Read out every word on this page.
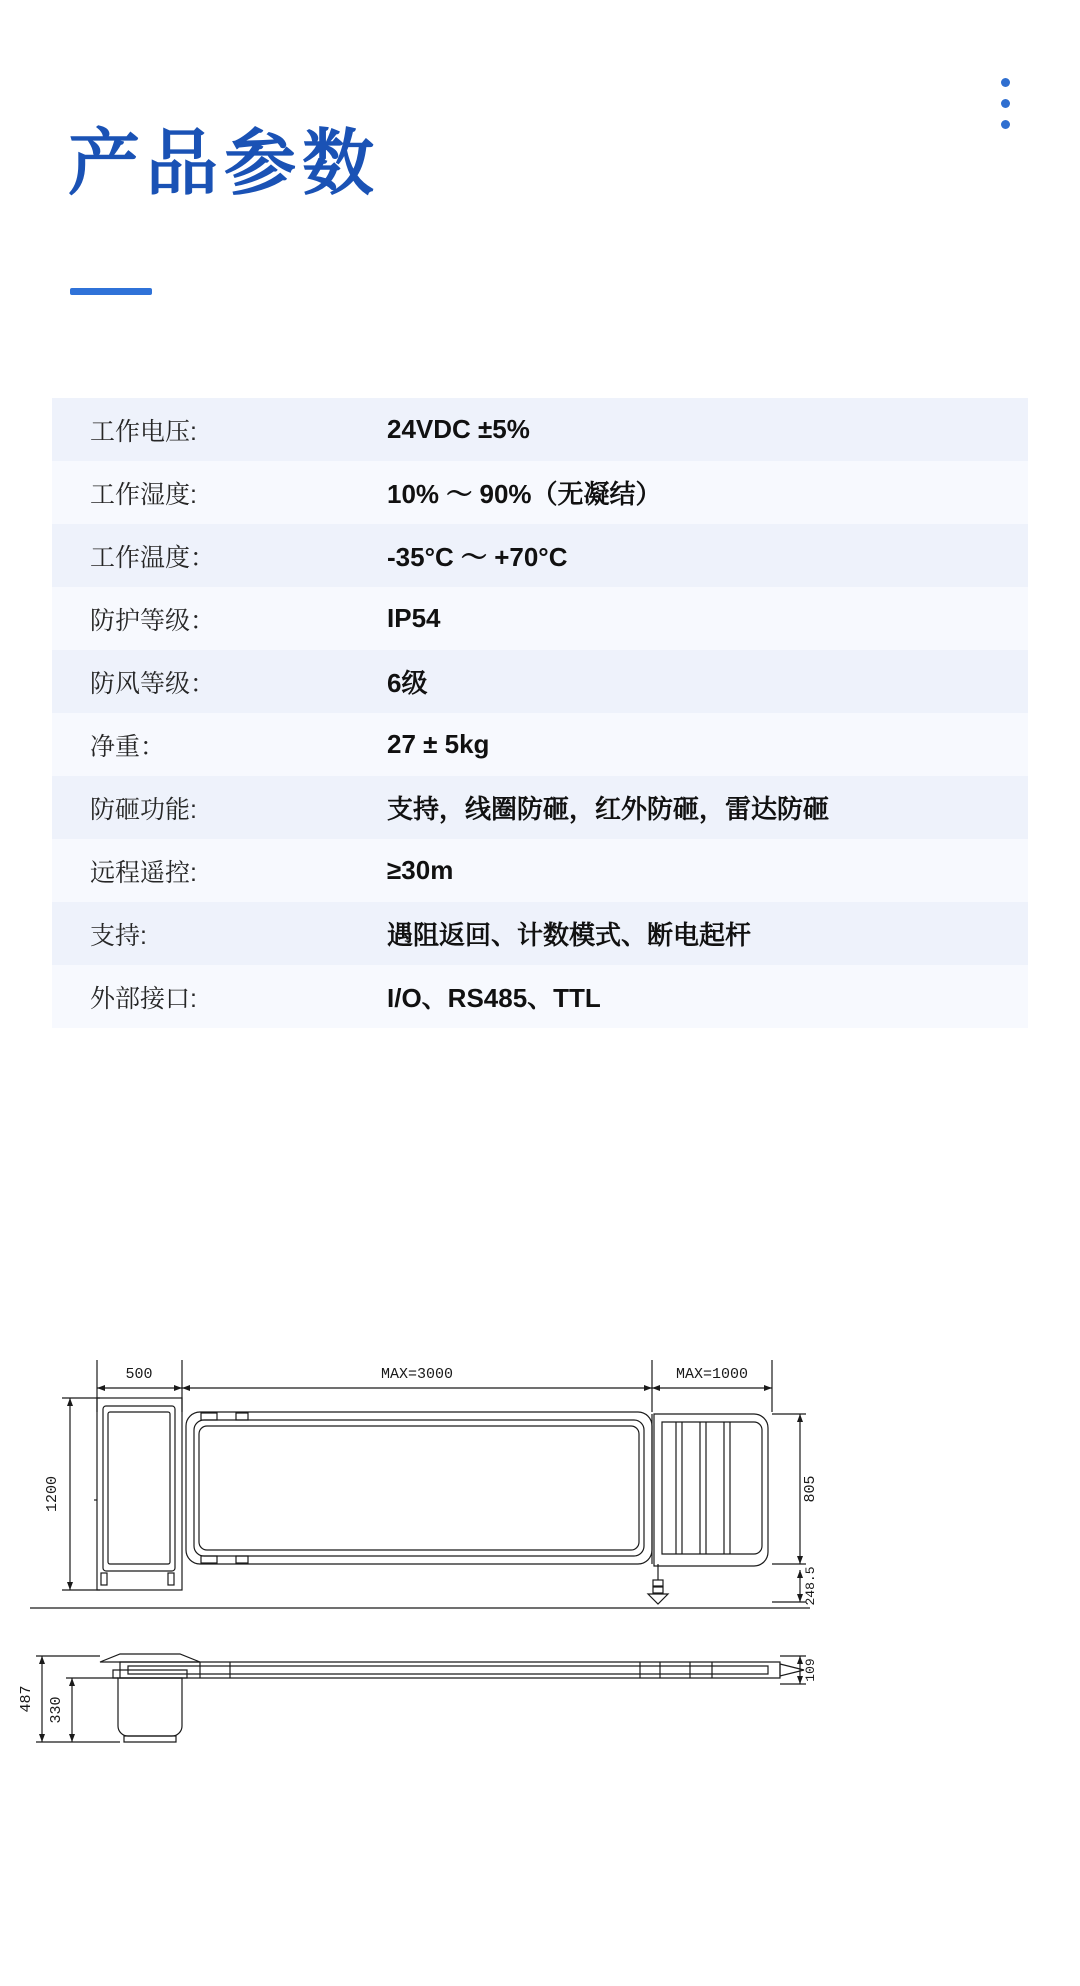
产品参数
工作电压:	24VDC ±5%
工作湿度:	10% 〜 90%（无凝结）
工作温度：	-35°C 〜 +70°C
防护等级：	IP54
防风等级：	6级
净重：	27 ± 5kg
防砸功能:	支持，线圈防砸，红外防砸，雷达防砸
远程遥控:	≥30m
支持:	遇阻返回、计数模式、断电起杆
外部接口:	I/O、RS485、TTL
500	MAX=3000	MAX=1000
1200	805
248.5
109
487 330
